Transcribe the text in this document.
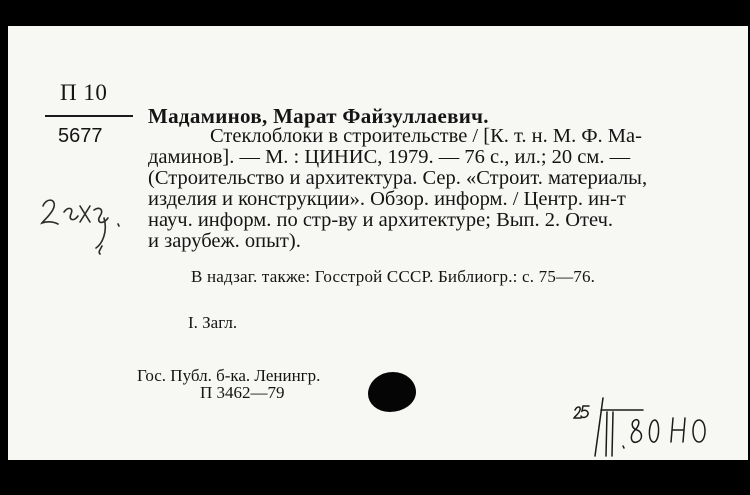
П 10
5677
Мадаминов, Марат Файзуллаевич.
Стеклоблоки в строительстве / [К. т. н. М. Ф. Ма-
даминов]. — М. : ЦИНИС, 1979. — 76 с., ил.; 20 см. —
(Строительство и архитектура. Сер. «Строит. материалы,
изделия и конструкции». Обзор. информ. / Центр. ин-т
науч. информ. по стр-ву и архитектуре; Вып. 2. Отеч.
и зарубеж. опыт).
В надзаг. также: Госстрой СССР. Библиогр.: с. 75—76.
I. Загл.
Гос. Публ. б-ка. Ленингр.
П 3462—79
